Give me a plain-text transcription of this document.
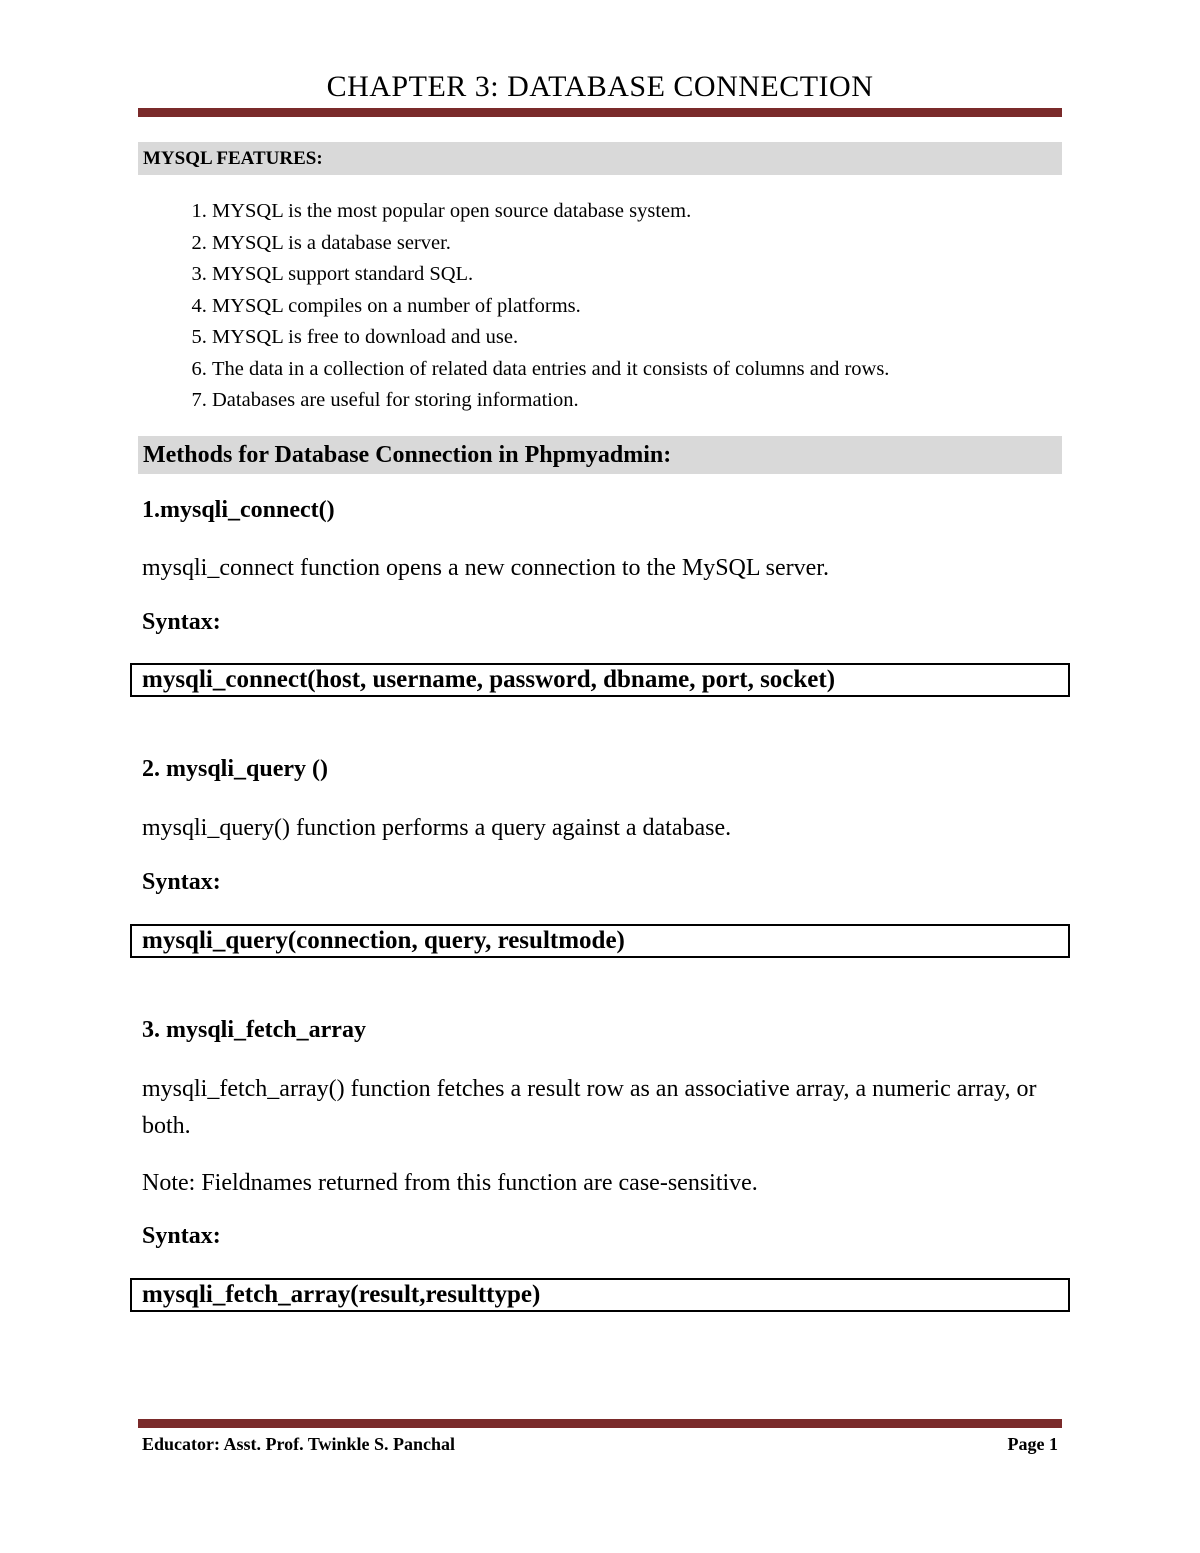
CHAPTER 3: DATABASE CONNECTION
MYSQL FEATURES:
1. MYSQL is the most popular open source database system.
2. MYSQL is a database server.
3. MYSQL support standard SQL.
4. MYSQL compiles on a number of platforms.
5. MYSQL is free to download and use.
6. The data in a collection of related data entries and it consists of columns and rows.
7. Databases are useful for storing information.
Methods for Database Connection in Phpmyadmin:
1.mysqli_connect()
mysqli_connect function opens a new connection to the MySQL server.
Syntax:
mysqli_connect(host, username, password, dbname, port, socket)
2. mysqli_query ()
mysqli_query() function performs a query against a database.
Syntax:
mysqli_query(connection, query, resultmode)
3. mysqli_fetch_array
mysqli_fetch_array() function fetches a result row as an associative array, a numeric array, or both.
Note: Fieldnames returned from this function are case-sensitive.
Syntax:
mysqli_fetch_array(result,resulttype)
Educator: Asst. Prof. Twinkle S. Panchal	Page 1
